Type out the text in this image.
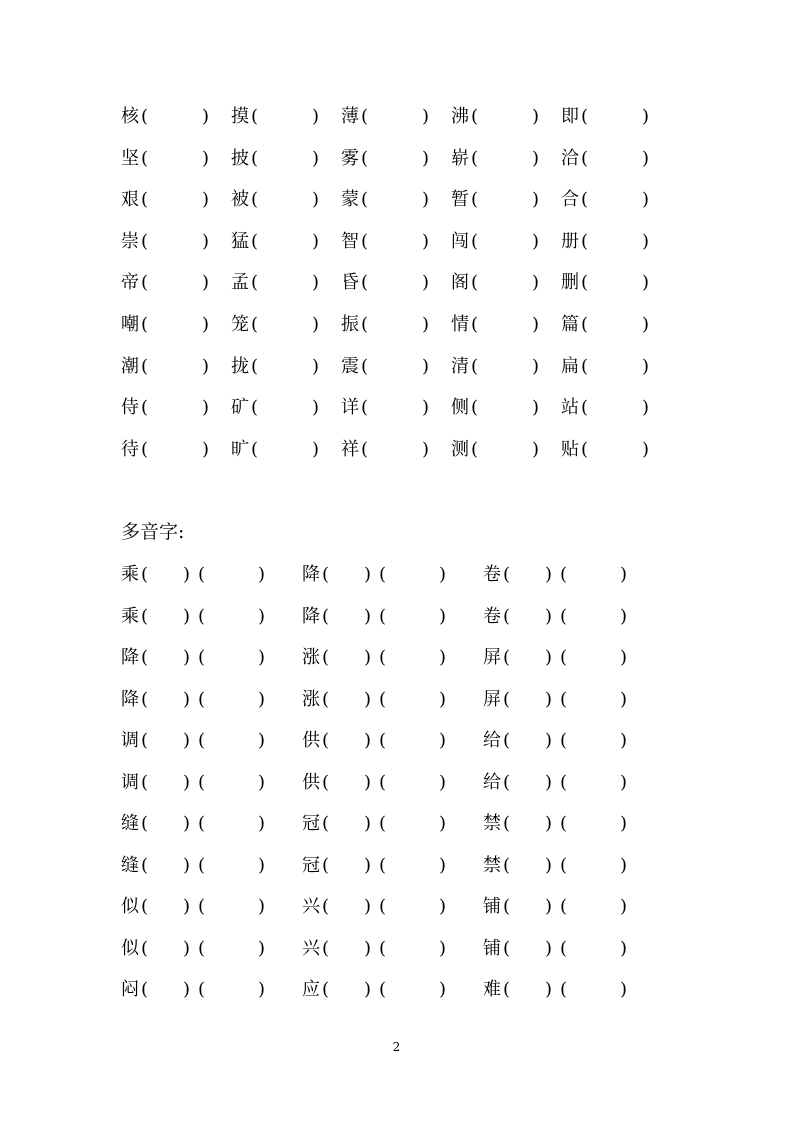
核 (	) 摸 (	) 薄 (	) 沸 (	) 即 (	)
坚 (	) 披 (	) 雾 (	) 崭 (	) 洽 (	)
艰 (	) 被 (	) 蒙 (	) 暂 (	) 合 (	)
崇 (	) 猛 (	) 智 (	) 闯 (	) 册 (	)
帝 (	) 孟 (	) 昏 (	) 阁 (	) 删 (	)
嘲 (	) 笼 (	) 振 (	) 情 (	) 篇 (	)
潮 (	) 拢 (	) 震 (	) 清 (	) 扁 (	)
侍 (	) 矿 (	) 详 (	) 侧 (	) 站 (	)
待 (	) 旷 (	) 祥 (	) 测 (	) 贴 (	)
多音字:
乘 ( ) (	) 降 ( ) (	) 卷 ( ) (	)
乘 ( ) (	) 降 ( ) (	) 卷 ( ) (	)
降 ( ) (	) 涨 ( ) (	) 屏 ( ) (	)
降 ( ) (	) 涨 ( ) (	) 屏 ( ) (	)
调 ( ) (	) 供 ( ) (	) 给 ( ) (	)
调 ( ) (	) 供 ( ) (	) 给 ( ) (	)
缝 ( ) (	) 冠 ( ) (	) 禁 ( ) (	)
缝 ( ) (	) 冠 ( ) (	) 禁 ( ) (	)
似 ( ) (	) 兴 ( ) (	) 铺 ( ) (	)
似 ( ) (	) 兴 ( ) (	) 铺 ( ) (	)
闷 ( ) (	) 应 ( ) (	) 难 ( ) (	)
2
